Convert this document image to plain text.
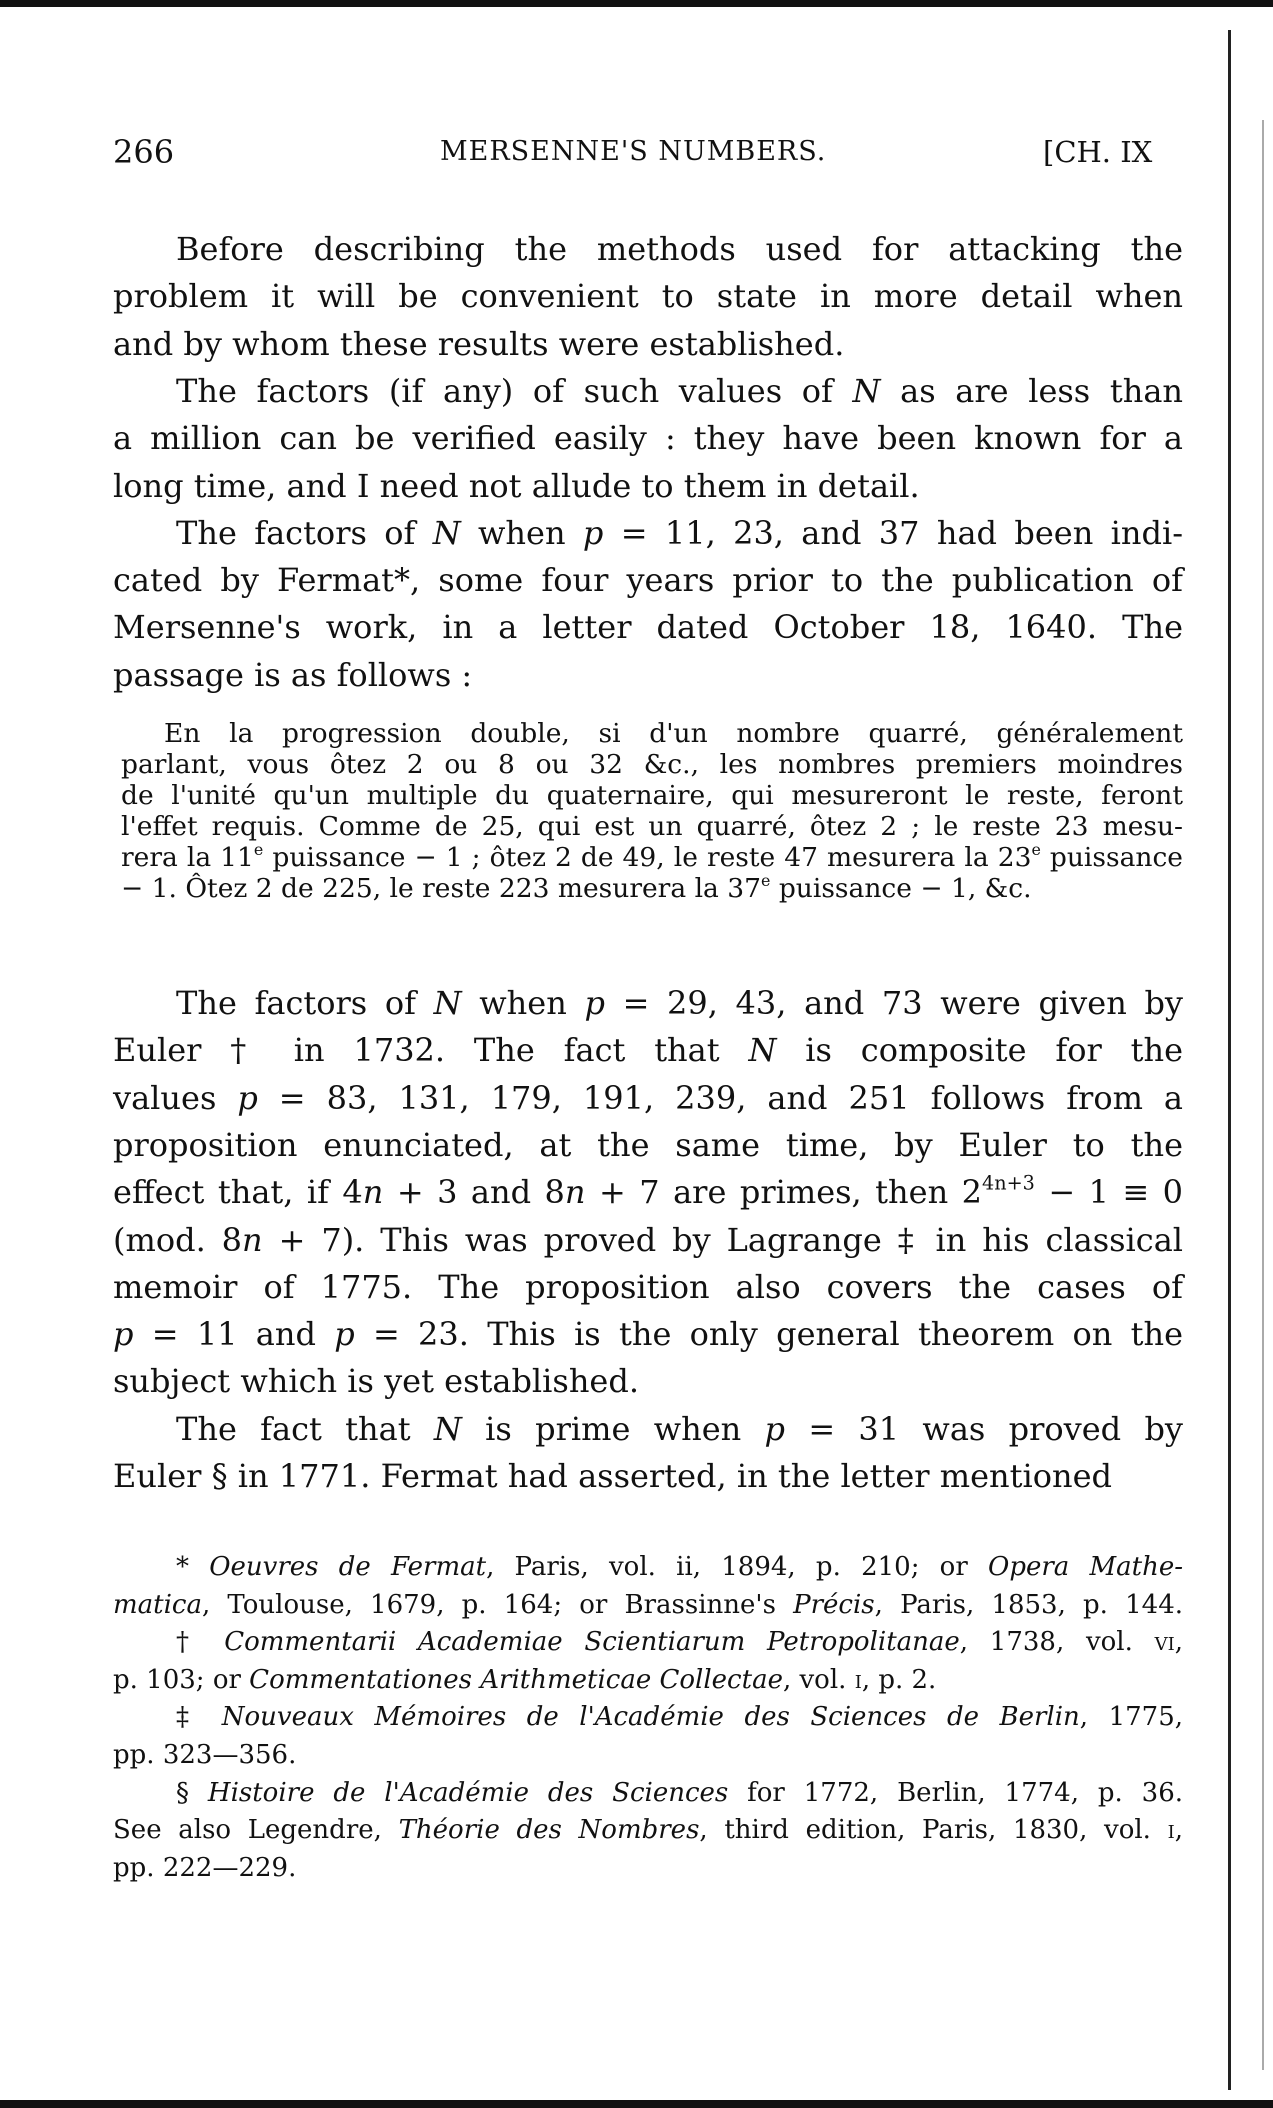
266	MERSENNE'S NUMBERS.	[CH. IX
Before describing the methods used for attacking the
problem it will be convenient to state in more detail when
and by whom these results were established.
The factors (if any) of such values of N as are less than
a million can be verified easily : they have been known for a
long time, and I need not allude to them in detail.
The factors of N when p = 11, 23, and 37 had been indi-
cated by Fermat*, some four years prior to the publication of
Mersenne's work, in a letter dated October 18, 1640. The
passage is as follows :
En la progression double, si d'un nombre quarré, généralement
parlant, vous ôtez 2 ou 8 ou 32 &c., les nombres premiers moindres
de l'unité qu'un multiple du quaternaire, qui mesureront le reste, feront
l'effet requis. Comme de 25, qui est un quarré, ôtez 2 ; le reste 23 mesu-
rera la 11e puissance − 1 ; ôtez 2 de 49, le reste 47 mesurera la 23e puissance
− 1. Ôtez 2 de 225, le reste 223 mesurera la 37e puissance − 1, &c.
The factors of N when p = 29, 43, and 73 were given by
Euler † in 1732. The fact that N is composite for the
values p = 83, 131, 179, 191, 239, and 251 follows from a
proposition enunciated, at the same time, by Euler to the
effect that, if 4n + 3 and 8n + 7 are primes, then $2^{4n+3} - 1 \equiv 0$
(mod. 8n + 7). This was proved by Lagrange ‡ in his classical
memoir of 1775. The proposition also covers the cases of
p = 11 and p = 23. This is the only general theorem on the
subject which is yet established.
The fact that N is prime when p = 31 was proved by
Euler § in 1771. Fermat had asserted, in the letter mentioned
* Oeuvres de Fermat, Paris, vol. ii, 1894, p. 210; or Opera Mathe-
matica, Toulouse, 1679, p. 164; or Brassinne's Précis, Paris, 1853, p. 144.
† Commentarii Academiae Scientiarum Petropolitanae, 1738, vol. vi,
p. 103; or Commentationes Arithmeticae Collectae, vol. i, p. 2.
‡ Nouveaux Mémoires de l'Académie des Sciences de Berlin, 1775,
pp. 323—356.
§ Histoire de l'Académie des Sciences for 1772, Berlin, 1774, p. 36.
See also Legendre, Théorie des Nombres, third edition, Paris, 1830, vol. i,
pp. 222—229.
